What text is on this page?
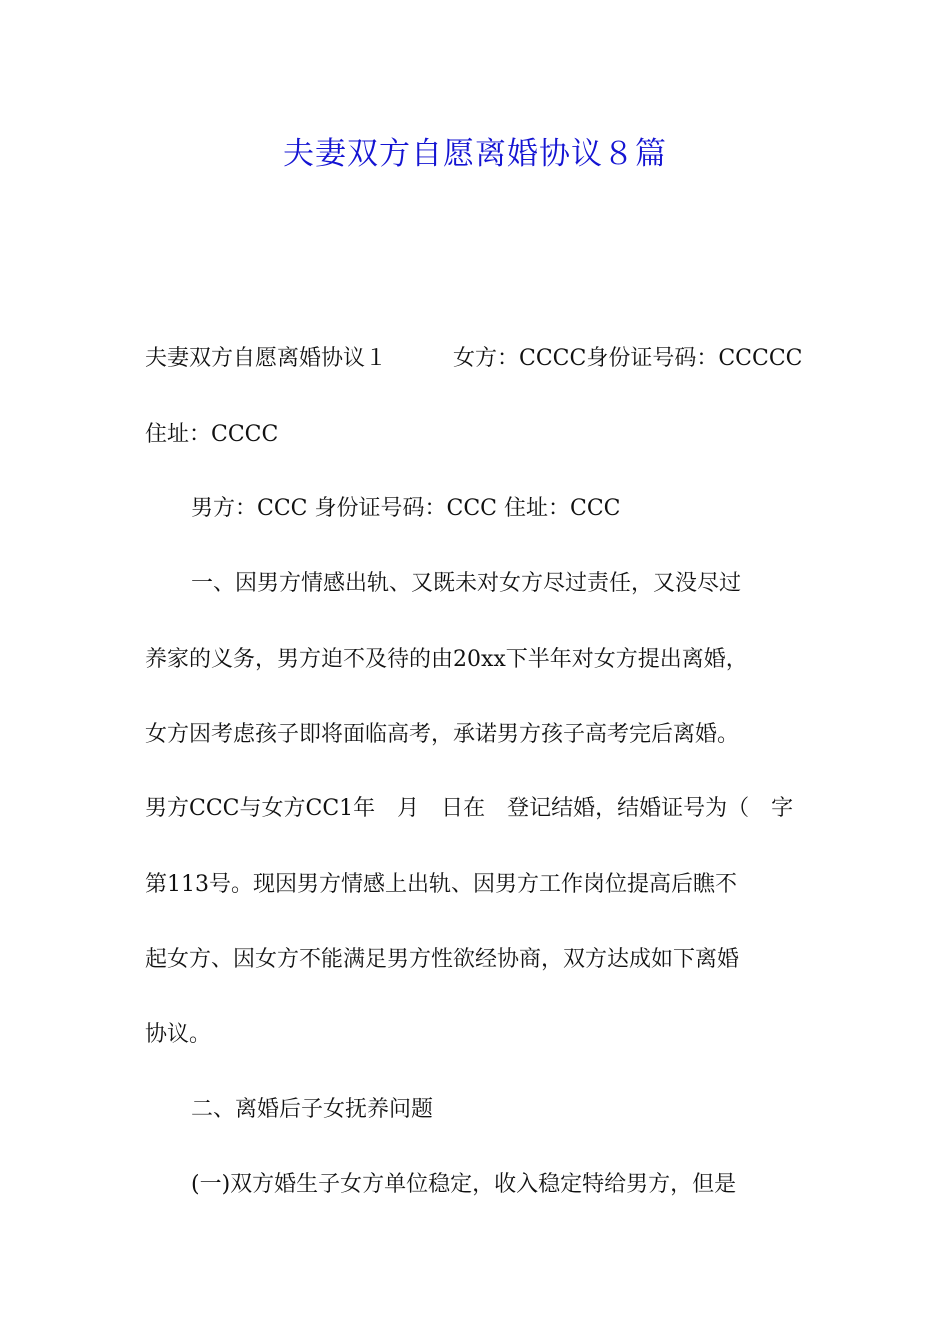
夫妻双方自愿离婚协议８篇
夫妻双方自愿离婚协议１　　　女方：CCCC身份证号码：CCCCC
住址：CCCC
男方：CCC 身份证号码：CCC 住址：CCC
一、因男方情感出轨、又既未对女方尽过责任，又没尽过
养家的义务，男方迫不及待的由20xx下半年对女方提出离婚，
女方因考虑孩子即将面临高考，承诺男方孩子高考完后离婚。
男方CCC与女方CC1年　月　日在　登记结婚，结婚证号为（　字
第113号。现因男方情感上出轨、因男方工作岗位提高后瞧不
起女方、因女方不能满足男方性欲经协商，双方达成如下离婚
协议。
二、离婚后子女抚养问题
(一)双方婚生子女方单位稳定，收入稳定特给男方，但是
